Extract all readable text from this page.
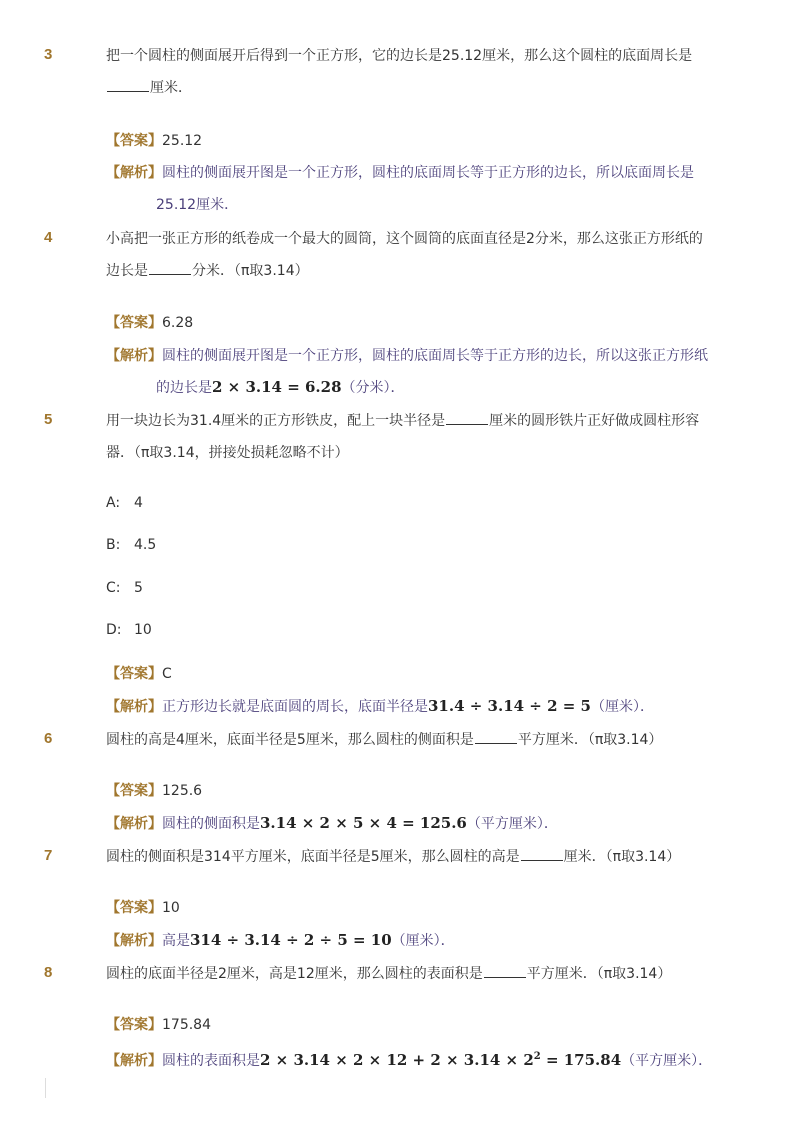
3	把一个圆柱的侧面展开后得到一个正方形，它的边长是25.12厘米，那么这个圆柱的底面周长是
厘米．
【答案】25.12
【解析】圆柱的侧面展开图是一个正方形，圆柱的底面周长等于正方形的边长，所以底面周长是
25.12厘米．
4	小高把一张正方形的纸卷成一个最大的圆筒，这个圆筒的底面直径是2分米，那么这张正方形纸的
边长是	分米．（π取3.14）
【答案】6.28
【解析】圆柱的侧面展开图是一个正方形，圆柱的底面周长等于正方形的边长，所以这张正方形纸
的边长是2 × 3.14 = 6.28（分米）．
5	用一块边长为31.4厘米的正方形铁皮，配上一块半径是	厘米的圆形铁片正好做成圆柱形容
器．（π取3.14，拼接处损耗忽略不计）
A: 4
B: 4.5
C: 5
D: 10
【答案】C
【解析】正方形边长就是底面圆的周长，底面半径是31.4 ÷ 3.14 ÷ 2 = 5（厘米）．
6	圆柱的高是4厘米，底面半径是5厘米，那么圆柱的侧面积是	平方厘米．（π取3.14）
【答案】125.6
【解析】圆柱的侧面积是3.14 × 2 × 5 × 4 = 125.6（平方厘米）．
7	圆柱的侧面积是314平方厘米，底面半径是5厘米，那么圆柱的高是	厘米．（π取3.14）
【答案】10
【解析】高是314 ÷ 3.14 ÷ 2 ÷ 5 = 10（厘米）．
8	圆柱的底面半径是2厘米，高是12厘米，那么圆柱的表面积是	平方厘米．（π取3.14）
【答案】175.84
【解析】圆柱的表面积是$2 \times 3.14 \times 2 \times 12 + 2 \times 3.14 \times 2^2 = 175.84$（平方厘米）．
